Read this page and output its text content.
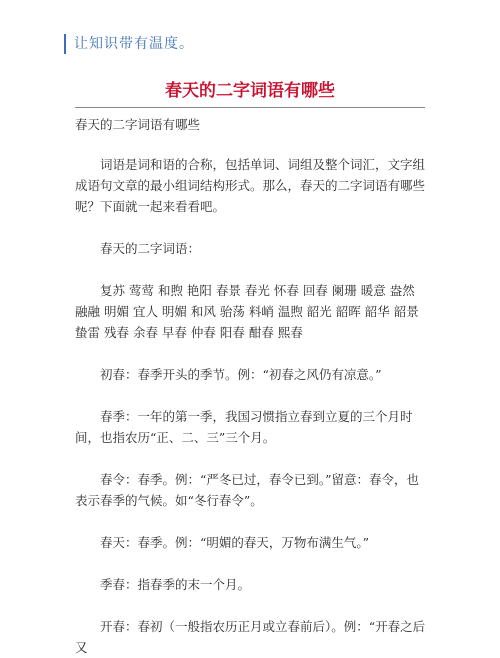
让知识带有温度。
春天的二字词语有哪些

春天的二字词语有哪些

词语是词和语的合称，包括单词、词组及整个词汇，文字组成语句文章的最小组词结构形式。那么，春天的二字词语有哪些呢？下面就一起来看看吧。

春天的二字词语：

复苏 莺莺 和煦 艳阳 春景 春光 怀春 回春 阑珊 暖意 盎然 融融 明媚 宜人 明媚 和风 骀荡 料峭 温煦 韶光 韶晖 韶华 韶景 蛰雷 残春 余春 早春 仲春 阳春 酣春 熙春

初春：春季开头的季节。例：“初春之风仍有凉意。”

春季：一年的第一季，我国习惯指立春到立夏的三个月时间，也指农历“正、二、三”三个月。

春令：春季。例：“严冬已过，春令已到。”留意：春令，也表示春季的气候。如“冬行春令”。

春天：春季。例：“明媚的春天，万物布满生气。”

季春：指春季的末一个月。

开春：春初（一般指农历正月或立春前后）。例：“开春之后又
